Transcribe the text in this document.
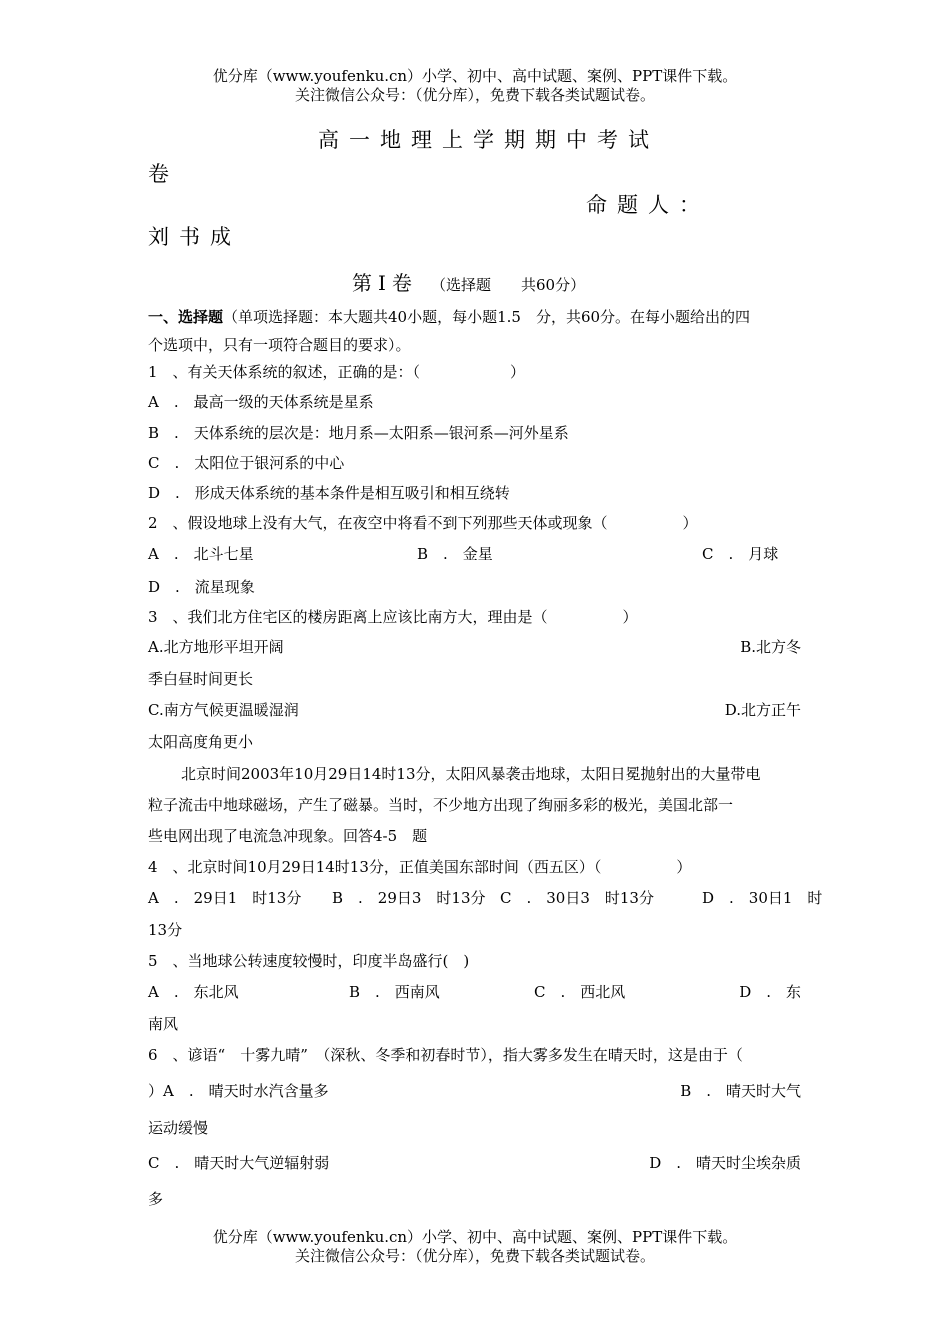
优分库（www.youfenku.cn）小学、初中、高中试题、案例、PPT课件下载。
关注微信公众号：（优分库），免费下载各类试题试卷。
高一地理上学期期中考试
卷
命题人：
刘书成
第Ⅰ卷 （选择题　　共60分）
一、选择题（单项选择题：本大题共40小题，每小题1.5　分，共60分。在每小题给出的四
个选项中，只有一项符合题目的要求）。
1　、有关天体系统的叙述，正确的是：（　　　　　　）
A　.　最高一级的天体系统是星系
B　.　天体系统的层次是：地月系—太阳系—银河系—河外星系
C　.　太阳位于银河系的中心
D　.　形成天体系统的基本条件是相互吸引和相互绕转
2　、假设地球上没有大气，在夜空中将看不到下列那些天体或现象（　　　　　）
A　.　北斗七星	B　.　金星	C　.　月球
D　.　流星现象
3　、我们北方住宅区的楼房距离上应该比南方大，理由是（　　　　　）
A.北方地形平坦开阔	B.北方冬
季白昼时间更长
C.南方气候更温暖湿润	D.北方正午
太阳高度角更小
北京时间2003年10月29日14时13分，太阳风暴袭击地球，太阳日冕抛射出的大量带电
粒子流击中地球磁场，产生了磁暴。当时，不少地方出现了绚丽多彩的极光，美国北部一
些电网出现了电流急冲现象。回答4-5　题
4　、北京时间10月29日14时13分，正值美国东部时间（西五区）（　　　　　）
A　.　29日1　时13分 B　.　29日3　时13分 C　.　30日3　时13分	D　.　30日1　时
13分
5　、当地球公转速度较慢时，印度半岛盛行(　)
A　.　东北风	B　.　西南风	C　.　西北风	D　.　东
南风
6　、谚语“　十雾九晴”　（深秋、冬季和初春时节），指大雾多发生在晴天时，这是由于（
）A　.　晴天时水汽含量多	B　.　晴天时大气
运动缓慢
C　.　晴天时大气逆辐射弱	D　.　晴天时尘埃杂质
多
优分库（www.youfenku.cn）小学、初中、高中试题、案例、PPT课件下载。
关注微信公众号：（优分库），免费下载各类试题试卷。
